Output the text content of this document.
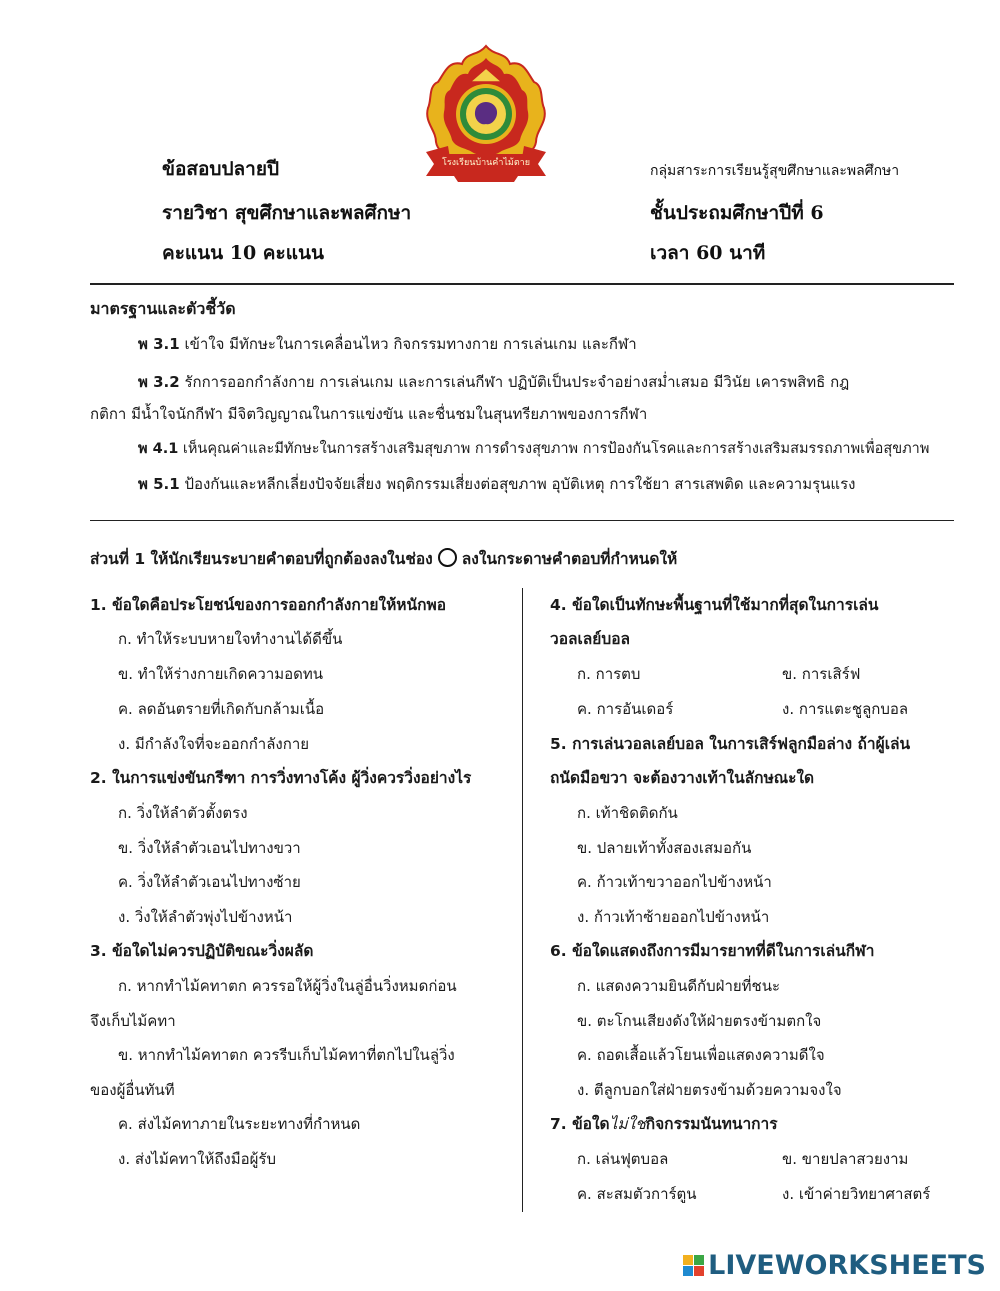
โรงเรียนบ้านคำไม้ตาย
ข้อสอบปลายปี
รายวิชา สุขศึกษาและพลศึกษา
คะแนน 10 คะแนน
กลุ่มสาระการเรียนรู้สุขศึกษาและพลศึกษา
ชั้นประถมศึกษาปีที่ 6
เวลา 60 นาที
มาตรฐานและตัวชี้วัด
พ 3.1 เข้าใจ มีทักษะในการเคลื่อนไหว กิจกรรมทางกาย การเล่นเกม และกีฬา
พ 3.2 รักการออกกำลังกาย การเล่นเกม และการเล่นกีฬา ปฏิบัติเป็นประจำอย่างสม่ำเสมอ มีวินัย เคารพสิทธิ กฎ
กติกา มีน้ำใจนักกีฬา มีจิตวิญญาณในการแข่งขัน และชื่นชมในสุนทรียภาพของการกีฬา
พ 4.1 เห็นคุณค่าและมีทักษะในการสร้างเสริมสุขภาพ การดำรงสุขภาพ การป้องกันโรคและการสร้างเสริมสมรรถภาพเพื่อสุขภาพ
พ 5.1 ป้องกันและหลีกเลี่ยงปัจจัยเสี่ยง พฤติกรรมเสี่ยงต่อสุขภาพ อุบัติเหตุ การใช้ยา สารเสพติด และความรุนแรง
ส่วนที่ 1 ให้นักเรียนระบายคำตอบที่ถูกต้องลงในช่อง ลงในกระดาษคำตอบที่กำหนดให้
1. ข้อใดคือประโยชน์ของการออกกำลังกายให้หนักพอ
ก. ทำให้ระบบหายใจทำงานได้ดีขึ้น
ข. ทำให้ร่างกายเกิดความอดทน
ค. ลดอันตรายที่เกิดกับกล้ามเนื้อ
ง. มีกำลังใจที่จะออกกำลังกาย
2. ในการแข่งขันกรีฑา การวิ่งทางโค้ง ผู้วิ่งควรวิ่งอย่างไร
ก. วิ่งให้ลำตัวตั้งตรง
ข. วิ่งให้ลำตัวเอนไปทางขวา
ค. วิ่งให้ลำตัวเอนไปทางซ้าย
ง. วิ่งให้ลำตัวพุ่งไปข้างหน้า
3. ข้อใดไม่ควรปฏิบัติขณะวิ่งผลัด
ก. หากทำไม้คทาตก ควรรอให้ผู้วิ่งในลู่อื่นวิ่งหมดก่อน
จึงเก็บไม้คทา
ข. หากทำไม้คทาตก ควรรีบเก็บไม้คทาที่ตกไปในลู่วิ่ง
ของผู้อื่นทันที
ค. ส่งไม้คทาภายในระยะทางที่กำหนด
ง. ส่งไม้คทาให้ถึงมือผู้รับ
4. ข้อใดเป็นทักษะพื้นฐานที่ใช้มากที่สุดในการเล่น
วอลเลย์บอล
ก. การตบ	ข. การเสิร์ฟ
ค. การอันเดอร์	ง. การแตะชูลูกบอล
5. การเล่นวอลเลย์บอล ในการเสิร์ฟลูกมือล่าง ถ้าผู้เล่น
ถนัดมือขวา จะต้องวางเท้าในลักษณะใด
ก. เท้าชิดติดกัน
ข. ปลายเท้าทั้งสองเสมอกัน
ค. ก้าวเท้าขวาออกไปข้างหน้า
ง. ก้าวเท้าซ้ายออกไปข้างหน้า
6. ข้อใดแสดงถึงการมีมารยาทที่ดีในการเล่นกีฬา
ก. แสดงความยินดีกับฝ่ายที่ชนะ
ข. ตะโกนเสียงดังให้ฝ่ายตรงข้ามตกใจ
ค. ถอดเสื้อแล้วโยนเพื่อแสดงความดีใจ
ง. ตีลูกบอกใส่ฝ่ายตรงข้ามด้วยความจงใจ
7. ข้อใดไม่ใช่กิจกรรมนันทนาการ
ก. เล่นฟุตบอล	ข. ขายปลาสวยงาม
ค. สะสมตัวการ์ตูน	ง. เข้าค่ายวิทยาศาสตร์
LIVEWORKSHEETS
